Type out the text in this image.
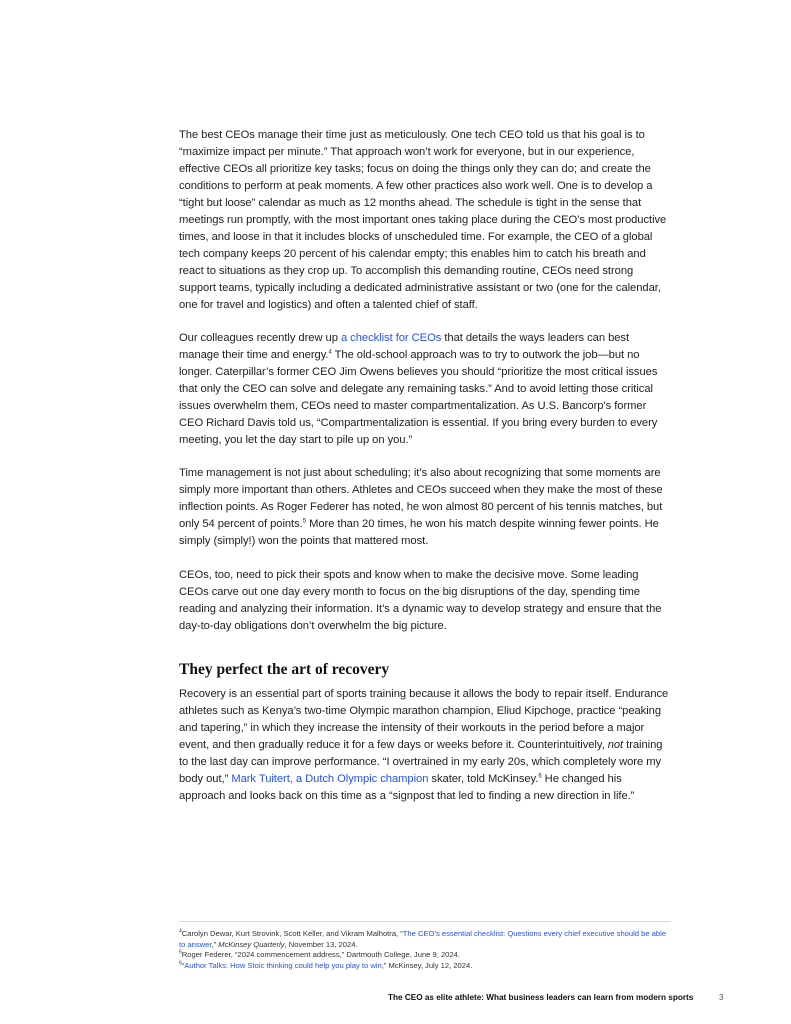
The best CEOs manage their time just as meticulously. One tech CEO told us that his goal is to “maximize impact per minute.” That approach won’t work for everyone, but in our experience, effective CEOs all prioritize key tasks; focus on doing the things only they can do; and create the conditions to perform at peak moments. A few other practices also work well. One is to develop a “tight but loose” calendar as much as 12 months ahead. The schedule is tight in the sense that meetings run promptly, with the most important ones taking place during the CEO’s most productive times, and loose in that it includes blocks of unscheduled time. For example, the CEO of a global tech company keeps 20 percent of his calendar empty; this enables him to catch his breath and react to situations as they crop up. To accomplish this demanding routine, CEOs need strong support teams, typically including a dedicated administrative assistant or two (one for the calendar, one for travel and logistics) and often a talented chief of staff.

Our colleagues recently drew up a checklist for CEOs that details the ways leaders can best manage their time and energy.$^4$ The old-school approach was to try to outwork the job—but no longer. Caterpillar’s former CEO Jim Owens believes you should “prioritize the most critical issues that only the CEO can solve and delegate any remaining tasks.” And to avoid letting those critical issues overwhelm them, CEOs need to master compartmentalization. As U.S. Bancorp’s former CEO Richard Davis told us, “Compartmentalization is essential. If you bring every burden to every meeting, you let the day start to pile up on you.”

Time management is not just about scheduling; it’s also about recognizing that some moments are simply more important than others. Athletes and CEOs succeed when they make the most of these inflection points. As Roger Federer has noted, he won almost 80 percent of his tennis matches, but only 54 percent of points.$^5$ More than 20 times, he won his match despite winning fewer points. He simply (simply!) won the points that mattered most.

CEOs, too, need to pick their spots and know when to make the decisive move. Some leading CEOs carve out one day every month to focus on the big disruptions of the day, spending time reading and analyzing their information. It’s a dynamic way to develop strategy and ensure that the day-to-day obligations don’t overwhelm the big picture.

They perfect the art of recovery

Recovery is an essential part of sports training because it allows the body to repair itself. Endurance athletes such as Kenya’s two-time Olympic marathon champion, Eliud Kipchoge, practice “peaking and tapering,” in which they increase the intensity of their workouts in the period before a major event, and then gradually reduce it for a few days or weeks before it. Counterintuitively, not training to the last day can improve performance. “I overtrained in my early 20s, which completely wore my body out,” Mark Tuitert, a Dutch Olympic champion skater, told McKinsey.$^6$ He changed his approach and looks back on this time as a “signpost that led to finding a new direction in life.”

$^4$Carolyn Dewar, Kurt Strovink, Scott Keller, and Vikram Malhotra, “The CEO’s essential checklist: Questions every chief executive should be able to answer,” McKinsey Quarterly, November 13, 2024.

$^5$Roger Federer, “2024 commencement address,” Dartmouth College, June 9, 2024.

$^6$“Author Talks: How Stoic thinking could help you play to win,” McKinsey, July 12, 2024.

The CEO as elite athlete: What business leaders can learn from modern sports	3
